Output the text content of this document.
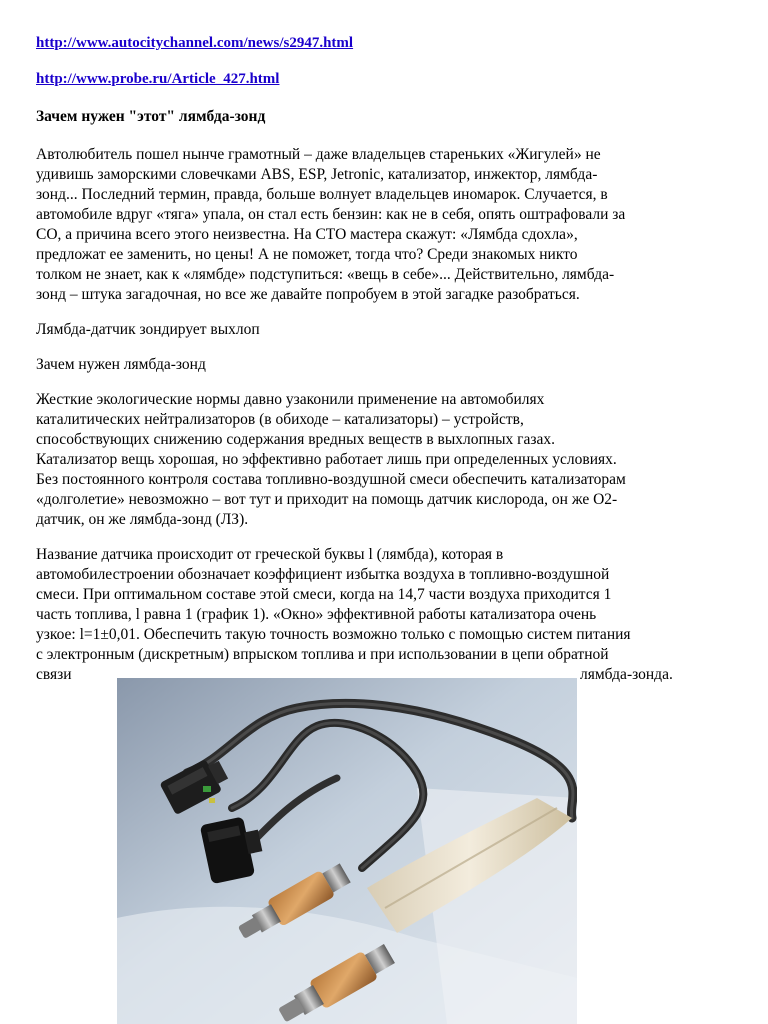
http://www.autocitychannel.com/news/s2947.html
http://www.probe.ru/Article_427.html
Зачем нужен "этот" лямбда-зонд
Автолюбитель пошел нынче грамотный – даже владельцев стареньких «Жигулей» не
удивишь заморскими словечками ABS, ESP, Jetronic, катализатор, инжектор, лямбда-
зонд... Последний термин, правда, больше волнует владельцев иномарок. Случается, в
автомобиле вдруг «тяга» упала, он стал есть бензин: как не в себя, опять оштрафовали за
СО, а причина всего этого неизвестна. На СТО мастера скажут: «Лямбда сдохла»,
предложат ее заменить, но цены! А не поможет, тогда что? Среди знакомых никто
толком не знает, как к «лямбде» подступиться: «вещь в себе»... Действительно, лямбда-
зонд – штука загадочная, но все же давайте попробуем в этой загадке разобраться.
Лямбда-датчик зондирует выхлоп
Зачем нужен лямбда-зонд
Жесткие экологические нормы давно узаконили применение на автомобилях
каталитических нейтрализаторов (в обиходе – катализаторы) – устройств,
способствующих снижению содержания вредных веществ в выхлопных газах.
Катализатор вещь хорошая, но эффективно работает лишь при определенных условиях.
Без постоянного контроля состава топливно-воздушной смеси обеспечить катализаторам
«долголетие» невозможно – вот тут и приходит на помощь датчик кислорода, он же O2-
датчик, он же лямбда-зонд (ЛЗ).
Название датчика происходит от греческой буквы l (лямбда), которая в
автомобилестроении обозначает коэффициент избытка воздуха в топливно-воздушной
смеси. При оптимальном составе этой смеси, когда на 14,7 части воздуха приходится 1
часть топлива, l равна 1 (график 1). «Окно» эффективной работы катализатора очень
узкое: l=1±0,01. Обеспечить такую точность возможно только с помощью систем питания
с электронным (дискретным) впрыском топлива и при использовании в цепи обратной
связи	лямбда-зонда.
